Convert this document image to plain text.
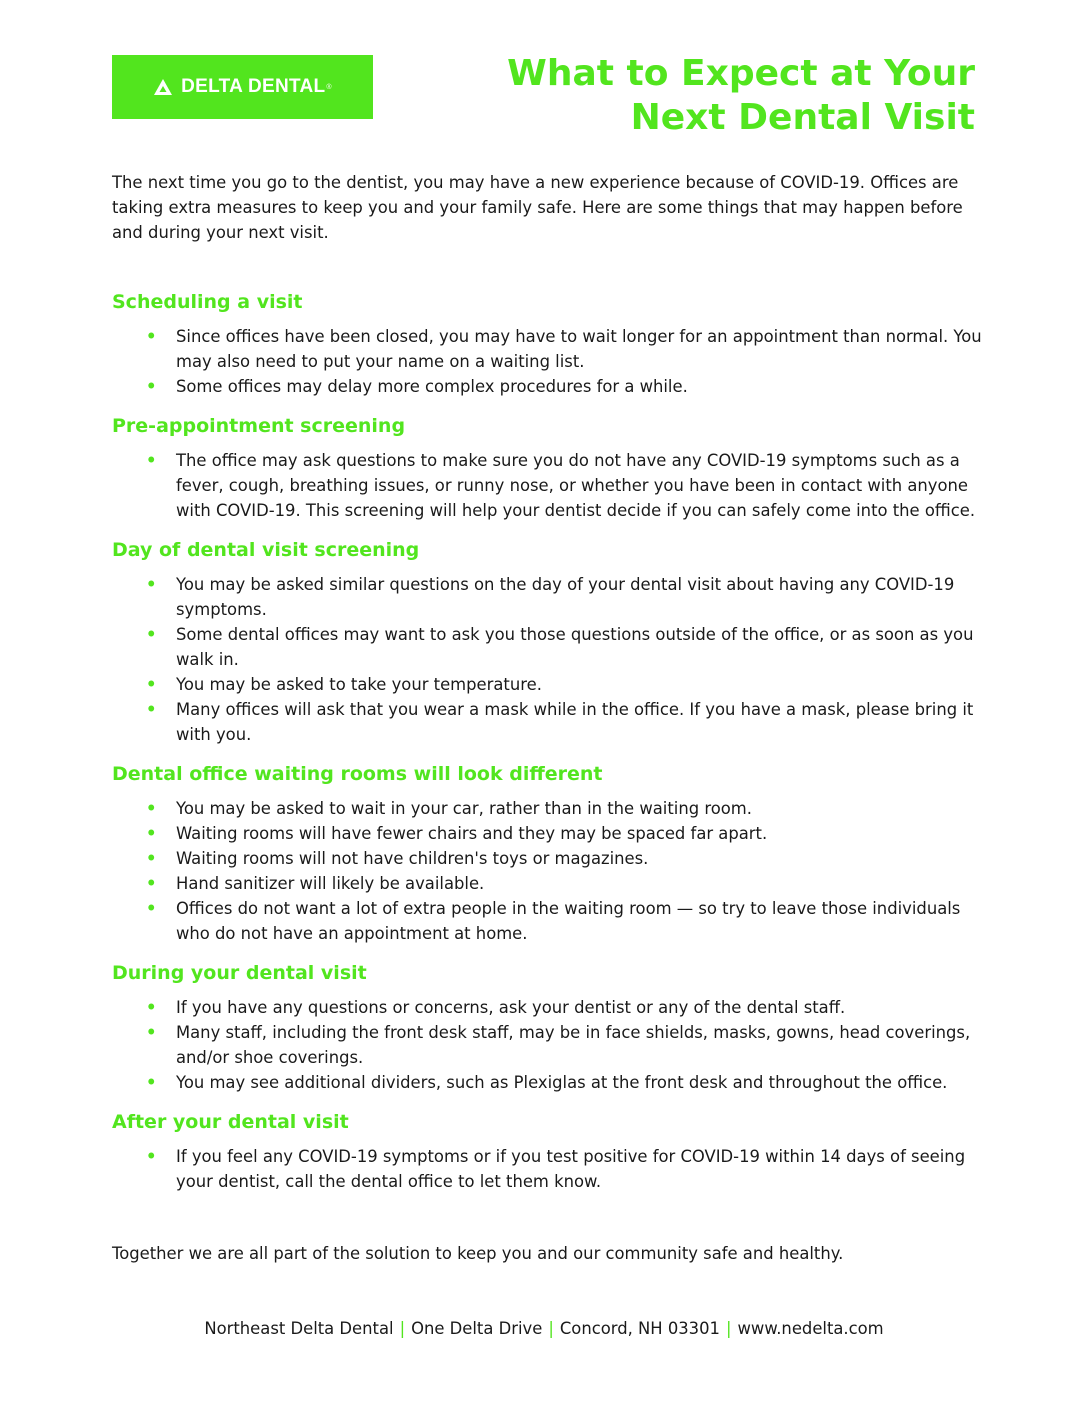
DELTA DENTAL ®	What to Expect at Your
Next Dental Visit

The next time you go to the dentist, you may have a new experience because of COVID-19. Offices are taking extra measures to keep you and your family safe. Here are some things that may happen before and during your next visit.

Scheduling a visit
• Since offices have been closed, you may have to wait longer for an appointment than normal. You may also need to put your name on a waiting list.
• Some offices may delay more complex procedures for a while.
Pre-appointment screening
• The office may ask questions to make sure you do not have any COVID-19 symptoms such as a fever, cough, breathing issues, or runny nose, or whether you have been in contact with anyone with COVID-19. This screening will help your dentist decide if you can safely come into the office.
Day of dental visit screening
• You may be asked similar questions on the day of your dental visit about having any COVID-19 symptoms.
• Some dental offices may want to ask you those questions outside of the office, or as soon as you walk in.
• You may be asked to take your temperature.
• Many offices will ask that you wear a mask while in the office. If you have a mask, please bring it with you.
Dental office waiting rooms will look different
• You may be asked to wait in your car, rather than in the waiting room.
• Waiting rooms will have fewer chairs and they may be spaced far apart.
• Waiting rooms will not have children's toys or magazines.
• Hand sanitizer will likely be available.
• Offices do not want a lot of extra people in the waiting room — so try to leave those individuals who do not have an appointment at home.
During your dental visit
• If you have any questions or concerns, ask your dentist or any of the dental staff.
• Many staff, including the front desk staff, may be in face shields, masks, gowns, head coverings, and/or shoe coverings.
• You may see additional dividers, such as Plexiglas at the front desk and throughout the office.
After your dental visit
• If you feel any COVID-19 symptoms or if you test positive for COVID-19 within 14 days of seeing your dentist, call the dental office to let them know.

Together we are all part of the solution to keep you and our community safe and healthy.

Northeast Delta Dental | One Delta Drive | Concord, NH 03301 | www.nedelta.com
